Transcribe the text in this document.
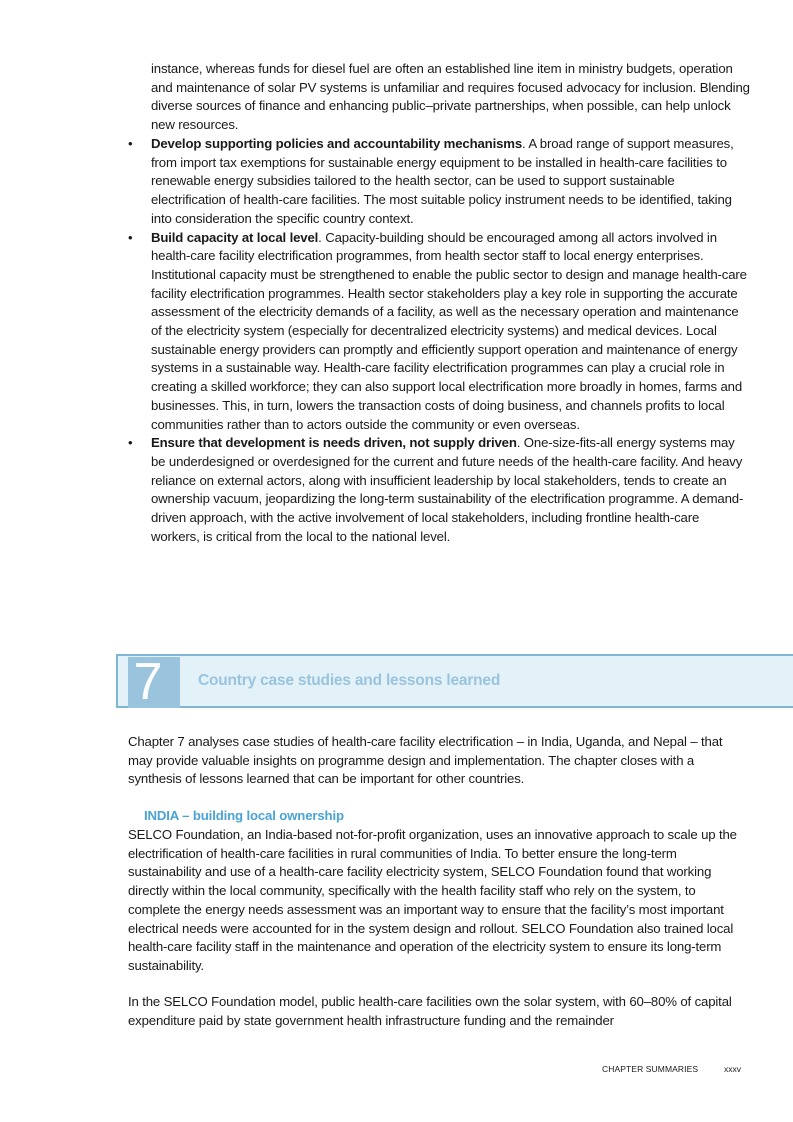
instance, whereas funds for diesel fuel are often an established line item in ministry budgets, operation and maintenance of solar PV systems is unfamiliar and requires focused advocacy for inclusion. Blending diverse sources of finance and enhancing public–private partnerships, when possible, can help unlock new resources.

• Develop supporting policies and accountability mechanisms. A broad range of support measures, from import tax exemptions for sustainable energy equipment to be installed in health-care facilities to renewable energy subsidies tailored to the health sector, can be used to support sustainable electrification of health-care facilities. The most suitable policy instrument needs to be identified, taking into consideration the specific country context.
• Build capacity at local level. Capacity-building should be encouraged among all actors involved in health-care facility electrification programmes, from health sector staff to local energy enterprises. Institutional capacity must be strengthened to enable the public sector to design and manage health-care facility electrification programmes. Health sector stakeholders play a key role in supporting the accurate assessment of the electricity demands of a facility, as well as the necessary operation and maintenance of the electricity system (especially for decentralized electricity systems) and medical devices. Local sustainable energy providers can promptly and efficiently support operation and maintenance of energy systems in a sustainable way. Health-care facility electrification programmes can play a crucial role in creating a skilled workforce; they can also support local electrification more broadly in homes, farms and businesses. This, in turn, lowers the transaction costs of doing business, and channels profits to local communities rather than to actors outside the community or even overseas.
• Ensure that development is needs driven, not supply driven. One-size-fits-all energy systems may be underdesigned or overdesigned for the current and future needs of the health-care facility. And heavy reliance on external actors, along with insufficient leadership by local stakeholders, tends to create an ownership vacuum, jeopardizing the long-term sustainability of the electrification programme. A demand-driven approach, with the active involvement of local stakeholders, including frontline health-care workers, is critical from the local to the national level.
7	Country case studies and lessons learned

Chapter 7 analyses case studies of health-care facility electrification – in India, Uganda, and Nepal – that may provide valuable insights on programme design and implementation. The chapter closes with a synthesis of lessons learned that can be important for other countries.

INDIA – building local ownership

SELCO Foundation, an India-based not-for-profit organization, uses an innovative approach to scale up the electrification of health-care facilities in rural communities of India. To better ensure the long-term sustainability and use of a health-care facility electricity system, SELCO Foundation found that working directly within the local community, specifically with the health facility staff who rely on the system, to complete the energy needs assessment was an important way to ensure that the facility’s most important electrical needs were accounted for in the system design and rollout. SELCO Foundation also trained local health-care facility staff in the maintenance and operation of the electricity system to ensure its long-term sustainability.

In the SELCO Foundation model, public health-care facilities own the solar system, with 60–80% of capital expenditure paid by state government health infrastructure funding and the remainder

CHAPTER SUMMARIES	xxxv
